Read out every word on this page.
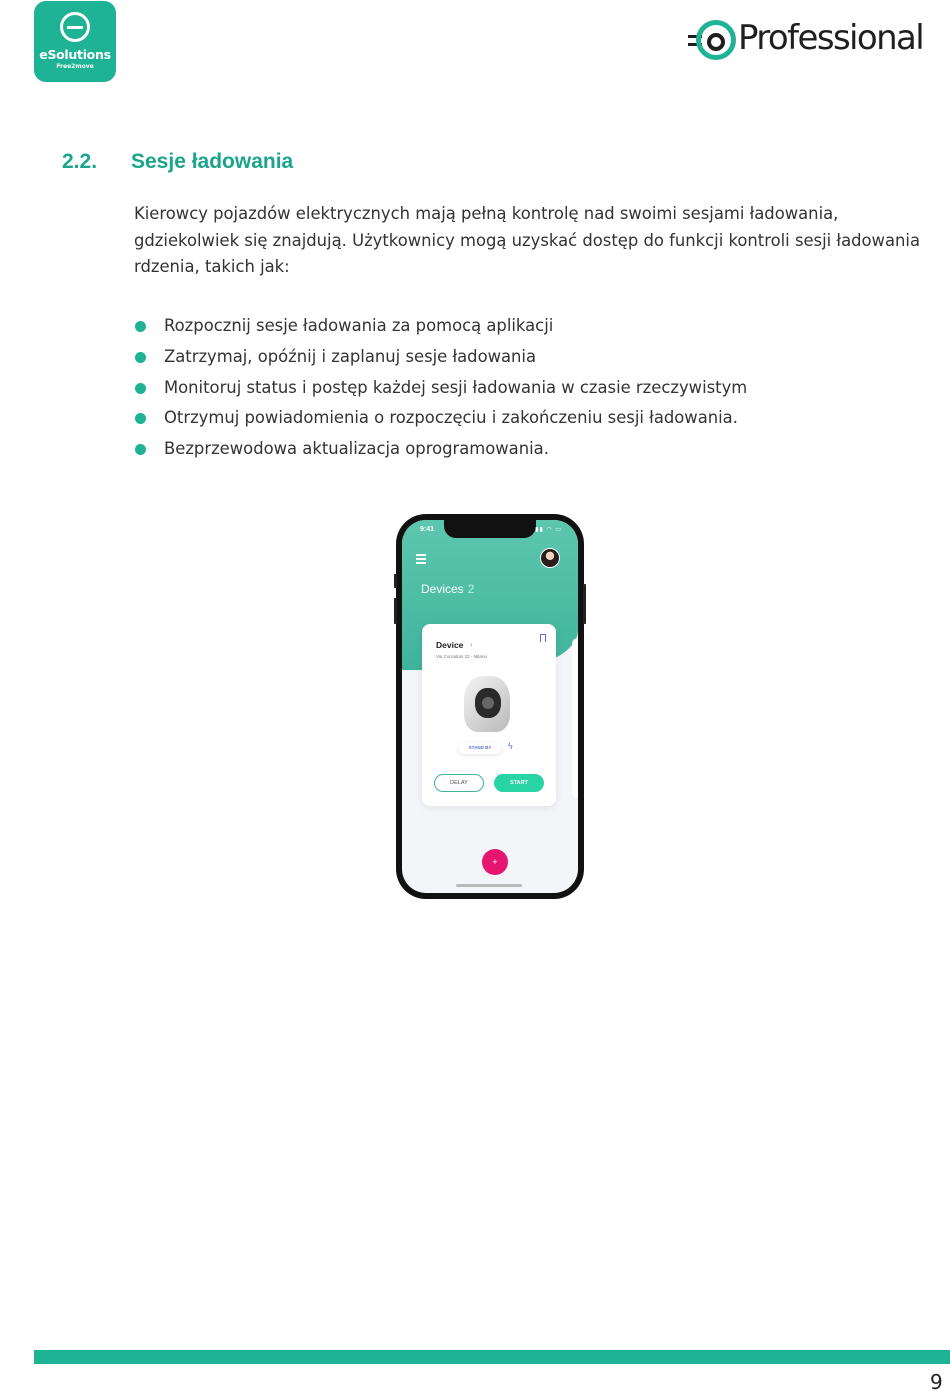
eSolutions
Free2move
Professional
2.2. Sesje ładowania
Kierowcy pojazdów elektrycznych mają pełną kontrolę nad swoimi sesjami ładowania,
gdziekolwiek się znajdują. Użytkownicy mogą uzyskać dostęp do funkcji kontroli sesji ładowania
rdzenia, takich jak:
Rozpocznij sesje ładowania za pomocą aplikacji
Zatrzymaj, opóźnij i zaplanuj sesje ładowania
Monitoruj status i postęp każdej sesji ładowania w czasie rzeczywistym
Otrzymuj powiadomienia o rozpoczęciu i zakończeniu sesji ładowania.
Bezprzewodowa aktualizacja oprogramowania.
9:41	▮▮ ◠ ▭
Devices 2
Device ›
Via Corradoni 22 - Milano
STAND BY	ϟ
DELAY	START
+
9
